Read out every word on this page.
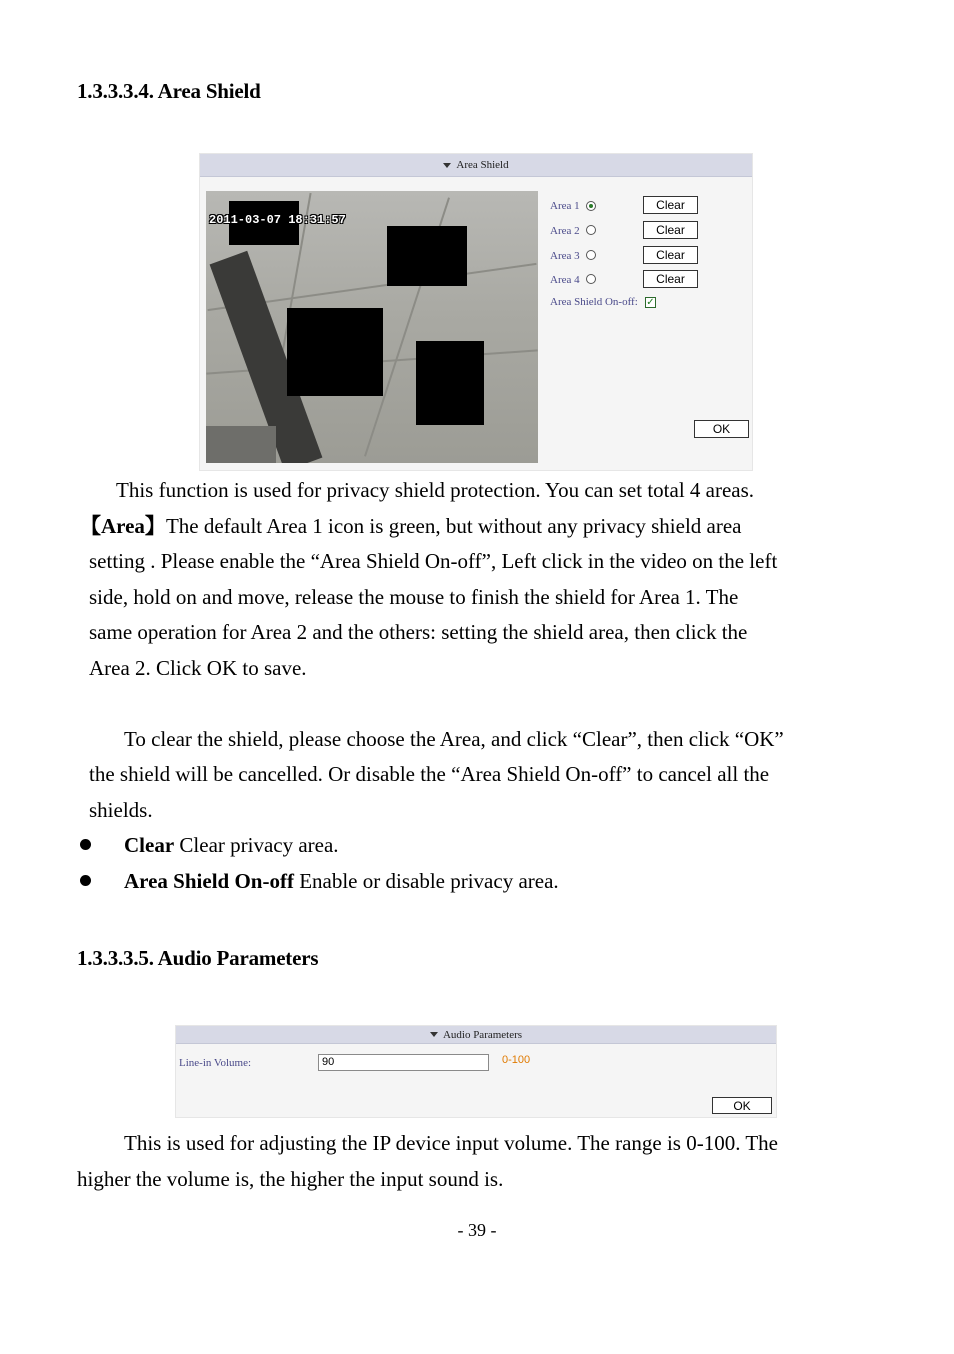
1.3.3.3.4. Area Shield
Area Shield
2011-03-07 18:31:57
Area 1	Clear
Area 2	Clear
Area 3	Clear
Area 4	Clear
Area Shield On-off: ✓
OK
This function is used for privacy shield protection. You can set total 4 areas.
【Area】The default Area 1 icon is green, but without any privacy shield area
setting . Please enable the “Area Shield On-off”, Left click in the video on the left
side, hold on and move, release the mouse to finish the shield for Area 1. The
same operation for Area 2 and the others: setting the shield area, then click the
Area 2. Click OK to save.
To clear the shield, please choose the Area, and click “Clear”, then click “OK”
the shield will be cancelled. Or disable the “Area Shield On-off” to cancel all the
shields.
Clear Clear privacy area.
Area Shield On-off Enable or disable privacy area.
1.3.3.3.5. Audio Parameters
Audio Parameters
Line-in Volume:	90	0-100
OK
This is used for adjusting the IP device input volume. The range is 0-100. The
higher the volume is, the higher the input sound is.
- 39 -
